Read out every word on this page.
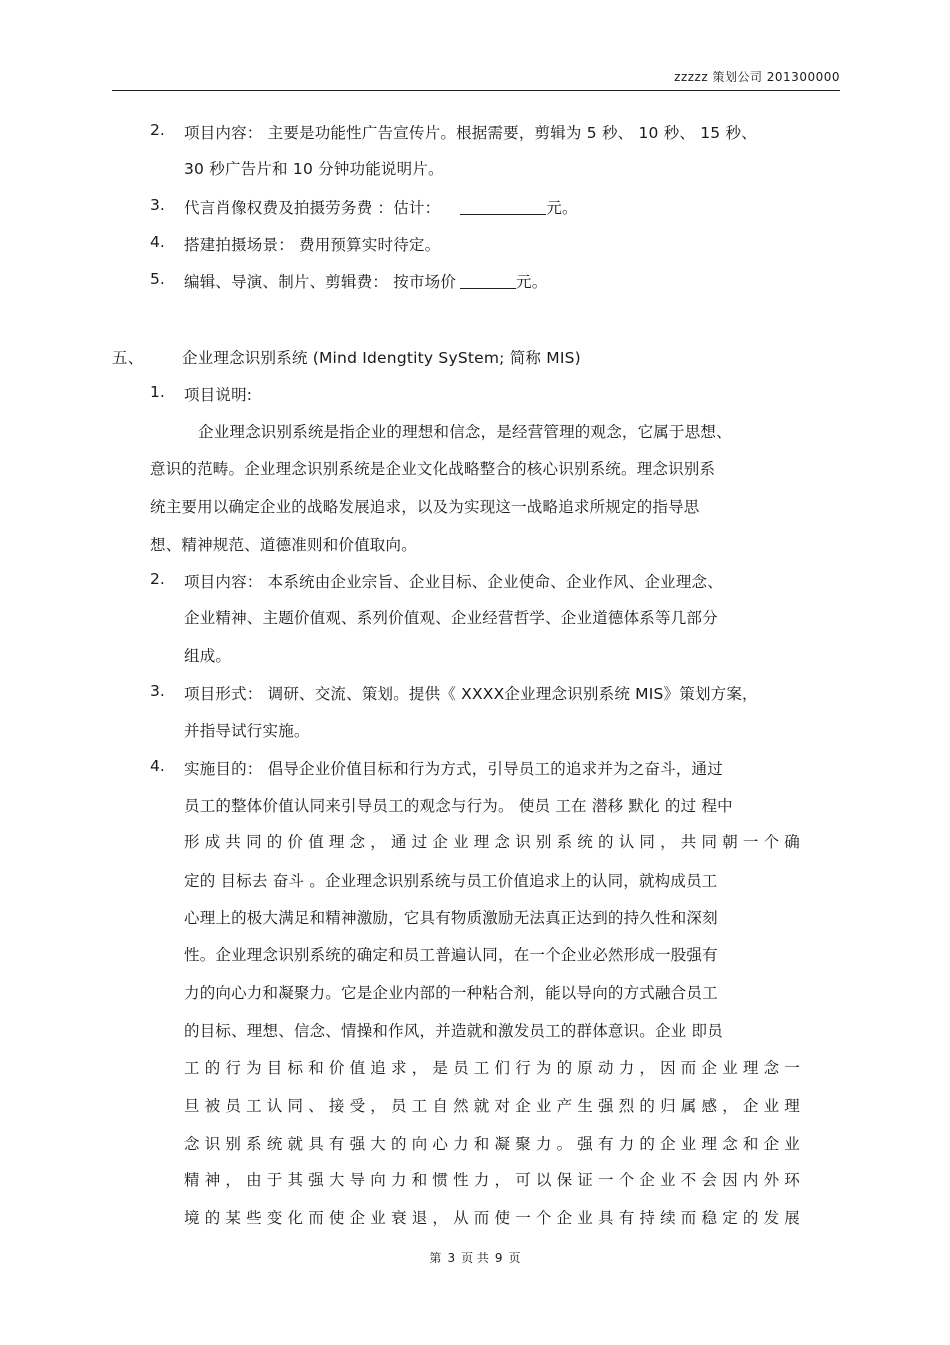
zzzzz 策划公司 201300000
2. 项目内容： 主要是功能性广告宣传片。根据需要，剪辑为 5 秒、 10 秒、 15 秒、
30 秒广告片和 10 分钟功能说明片。
3. 代言肖像权费及拍摄劳务费 ：估计：	元。
4. 搭建拍摄场景： 费用预算实时待定。
5. 编辑、导演、制片、剪辑费： 按市场价	元。
五、 企业理念识别系统 (Mind Idengtity SyStem; 简称 MIS)
1. 项目说明:
企业理念识别系统是指企业的理想和信念，是经营管理的观念，它属于思想、
意识的范畴。企业理念识别系统是企业文化战略整合的核心识别系统。理念识别系
统主要用以确定企业的战略发展追求，以及为实现这一战略追求所规定的指导思
想、精神规范、道德准则和价值取向。
2. 项目内容： 本系统由企业宗旨、企业目标、企业使命、企业作风、企业理念、
企业精神、主题价值观、系列价值观、企业经营哲学、企业道德体系等几部分
组成。
3. 项目形式： 调研、交流、策划。提供《 XXXX企业理念识别系统 MIS》策划方案，
并指导试行实施。
4. 实施目的： 倡导企业价值目标和行为方式，引导员工的追求并为之奋斗，通过
员工的整体价值认同来引导员工的观念与行为。 使员 工在 潜移 默化 的过 程中
形成共同的价值理念，通过企业理念识别系统的认同，共同朝一个确
定的 目标去 奋斗 。企业理念识别系统与员工价值追求上的认同，就构成员工
心理上的极大满足和精神激励，它具有物质激励无法真正达到的持久性和深刻
性。企业理念识别系统的确定和员工普遍认同，在一个企业必然形成一股强有
力的向心力和凝聚力。它是企业内部的一种粘合剂，能以导向的方式融合员工
的目标、理想、信念、情操和作风，并造就和激发员工的群体意识。企业 即员
工的行为目标和价值追求，是员工们行为的原动力，因而企业理念一
旦被员工认同、接受，员工自然就对企业产生强烈的归属感，企业理
念识别系统就具有强大的向心力和凝聚力。强有力的企业理念和企业
精神，由于其强大导向力和惯性力，可以保证一个企业不会因内外环
境的某些变化而使企业衰退，从而使一个企业具有持续而稳定的发展
第 3 页 共 9 页
